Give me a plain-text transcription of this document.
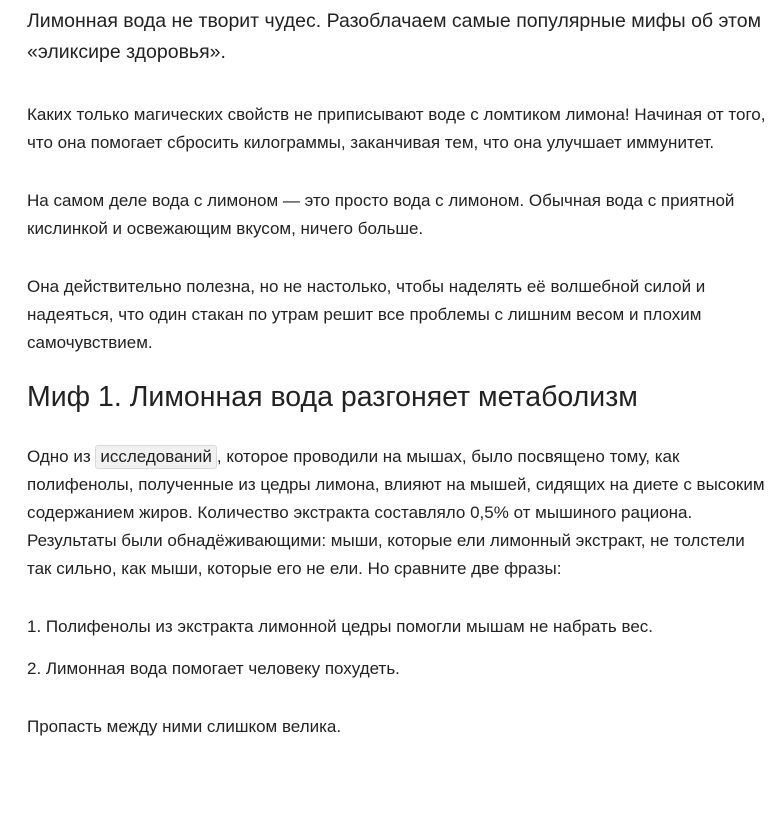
Лимонная вода не творит чудес. Разоблачаем самые популярные мифы об этом «эликсире здоровья».

Каких только магических свойств не приписывают воде с ломтиком лимона! Начиная от того, что она помогает сбросить килограммы, заканчивая тем, что она улучшает иммунитет.

На самом деле вода с лимоном — это просто вода с лимоном. Обычная вода с приятной кислинкой и освежающим вкусом, ничего больше.

Она действительно полезна, но не настолько, чтобы наделять её волшебной силой и надеяться, что один стакан по утрам решит все проблемы с лишним весом и плохим самочувствием.

Миф 1. Лимонная вода разгоняет метаболизм

Одно из исследований , которое проводили на мышах, было посвящено тому, как полифенолы, полученные из цедры лимона, влияют на мышей, сидящих на диете с высоким содержанием жиров. Количество экстракта составляло 0,5% от мышиного рациона. Результаты были обнадёживающими: мыши, которые ели лимонный экстракт, не толстели так сильно, как мыши, которые его не ели. Но сравните две фразы:

1. Полифенолы из экстракта лимонной цедры помогли мышам не набрать вес.

2. Лимонная вода помогает человеку похудеть.

Пропасть между ними слишком велика.
